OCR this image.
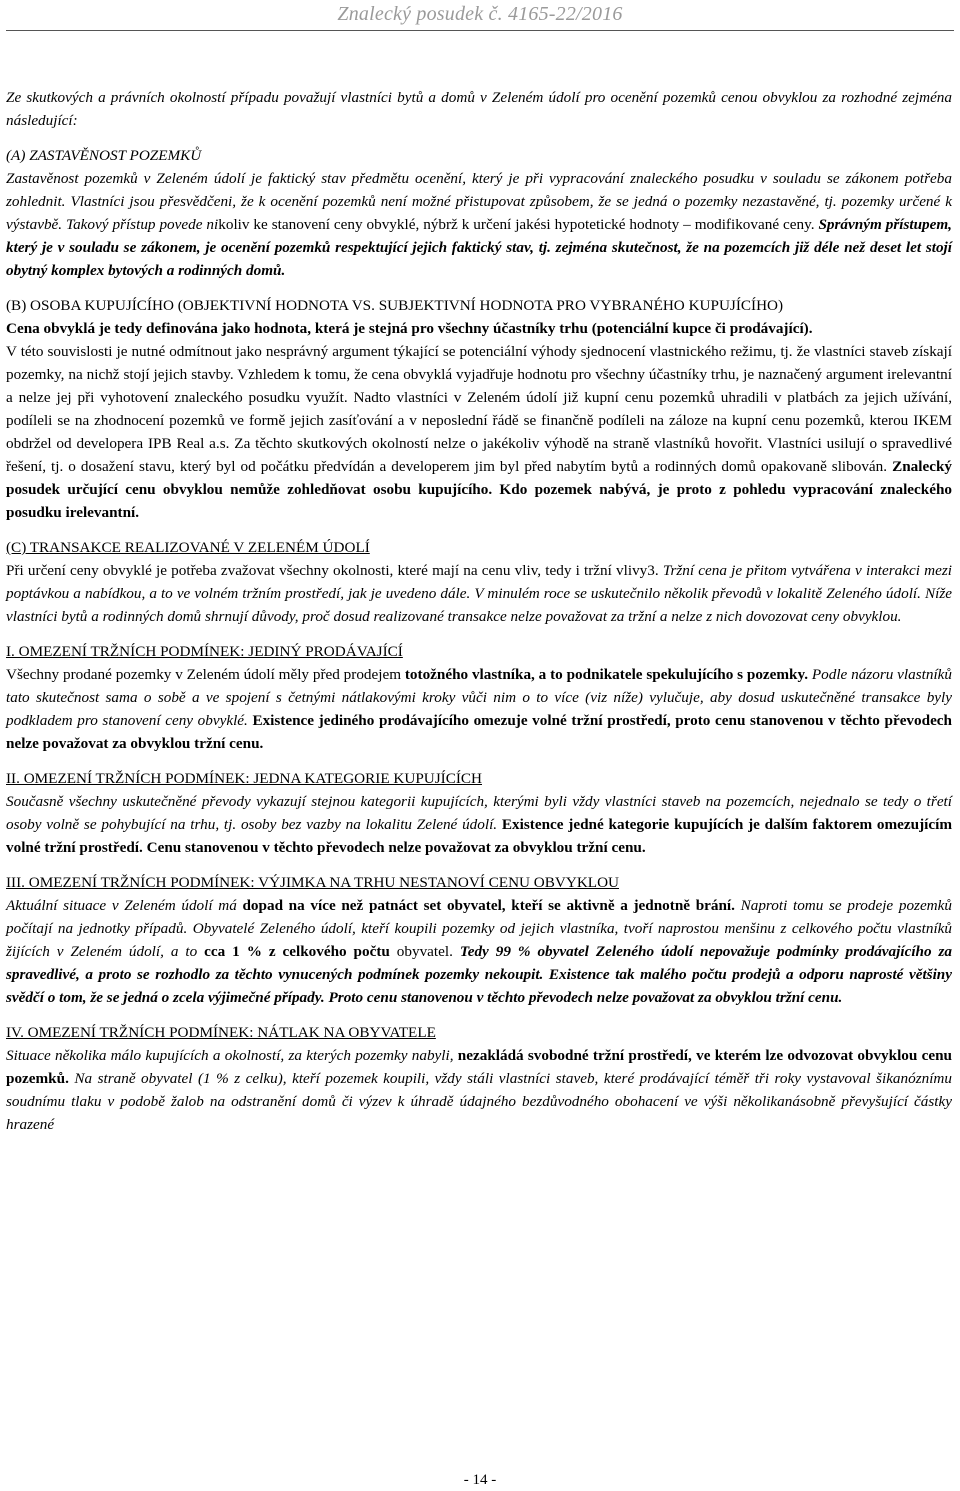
Znalecký posudek č. 4165-22/2016

Ze skutkových a právních okolností případu považují vlastníci bytů a domů v Zeleném údolí pro ocenění pozemků cenou obvyklou za rozhodné zejména následující:

(A) ZASTAVĚNOST POZEMKŮ

Zastavěnost pozemků v Zeleném údolí je faktický stav předmětu ocenění, který je při vypracování znaleckého posudku v souladu se zákonem potřeba zohlednit. Vlastníci jsou přesvědčeni, že k ocenění pozemků není možné přistupovat způsobem, že se jedná o pozemky nezastavěné, tj. pozemky určené k výstavbě. Takový přístup povede nikoliv ke stanovení ceny obvyklé, nýbrž k určení jakési hypotetické hodnoty – modifikované ceny. Správným přístupem, který je v souladu se zákonem, je ocenění pozemků respektující jejich faktický stav, tj. zejména skutečnost, že na pozemcích již déle než deset let stojí obytný komplex bytových a rodinných domů.

(B) OSOBA KUPUJÍCÍHO (OBJEKTIVNÍ HODNOTA VS. SUBJEKTIVNÍ HODNOTA PRO VYBRANÉHO KUPUJÍCÍHO)

Cena obvyklá je tedy definována jako hodnota, která je stejná pro všechny účastníky trhu (potenciální kupce či prodávající).

V této souvislosti je nutné odmítnout jako nesprávný argument týkající se potenciální výhody sjednocení vlastnického režimu, tj. že vlastníci staveb získají pozemky, na nichž stojí jejich stavby. Vzhledem k tomu, že cena obvyklá vyjadřuje hodnotu pro všechny účastníky trhu, je naznačený argument irelevantní a nelze jej při vyhotovení znaleckého posudku využít. Nadto vlastníci v Zeleném údolí již kupní cenu pozemků uhradili v platbách za jejich užívání, podíleli se na zhodnocení pozemků ve formě jejich zasíťování a v neposlední řádě se finančně podíleli na záloze na kupní cenu pozemků, kterou IKEM obdržel od developera IPB Real a.s. Za těchto skutkových okolností nelze o jakékoliv výhodě na straně vlastníků hovořit. Vlastníci usilují o spravedlivé řešení, tj. o dosažení stavu, který byl od počátku předvídán a developerem jim byl před nabytím bytů a rodinných domů opakovaně slibován. Znalecký posudek určující cenu obvyklou nemůže zohledňovat osobu kupujícího. Kdo pozemek nabývá, je proto z pohledu vypracování znaleckého posudku irelevantní.

(C) TRANSAKCE REALIZOVANÉ V ZELENÉM ÚDOLÍ

Při určení ceny obvyklé je potřeba zvažovat všechny okolnosti, které mají na cenu vliv, tedy i tržní vlivy3. Tržní cena je přitom vytvářena v interakci mezi poptávkou a nabídkou, a to ve volném tržním prostředí, jak je uvedeno dále. V minulém roce se uskutečnilo několik převodů v lokalitě Zeleného údolí. Níže vlastníci bytů a rodinných domů shrnují důvody, proč dosud realizované transakce nelze považovat za tržní a nelze z nich dovozovat ceny obvyklou.

I. OMEZENÍ TRŽNÍCH PODMÍNEK: JEDINÝ PRODÁVAJÍCÍ

Všechny prodané pozemky v Zeleném údolí měly před prodejem totožného vlastníka, a to podnikatele spekulujícího s pozemky. Podle názoru vlastníků tato skutečnost sama o sobě a ve spojení s četnými nátlakovými kroky vůči nim o to více (viz níže) vylučuje, aby dosud uskutečněné transakce byly podkladem pro stanovení ceny obvyklé. Existence jediného prodávajícího omezuje volné tržní prostředí, proto cenu stanovenou v těchto převodech nelze považovat za obvyklou tržní cenu.

II. OMEZENÍ TRŽNÍCH PODMÍNEK: JEDNA KATEGORIE KUPUJÍCÍCH

Současně všechny uskutečněné převody vykazují stejnou kategorii kupujících, kterými byli vždy vlastníci staveb na pozemcích, nejednalo se tedy o třetí osoby volně se pohybující na trhu, tj. osoby bez vazby na lokalitu Zelené údolí. Existence jedné kategorie kupujících je dalším faktorem omezujícím volné tržní prostředí. Cenu stanovenou v těchto převodech nelze považovat za obvyklou tržní cenu.

III. OMEZENÍ TRŽNÍCH PODMÍNEK: VÝJIMKA NA TRHU NESTANOVÍ CENU OBVYKLOU

Aktuální situace v Zeleném údolí má dopad na více než patnáct set obyvatel, kteří se aktivně a jednotně brání. Naproti tomu se prodeje pozemků počítají na jednotky případů. Obyvatelé Zeleného údolí, kteří koupili pozemky od jejich vlastníka, tvoří naprostou menšinu z celkového počtu vlastníků žijících v Zeleném údolí, a to cca 1 % z celkového počtu obyvatel. Tedy 99 % obyvatel Zeleného údolí nepovažuje podmínky prodávajícího za spravedlivé, a proto se rozhodlo za těchto vynucených podmínek pozemky nekoupit. Existence tak malého počtu prodejů a odporu naprosté většiny svědčí o tom, že se jedná o zcela výjimečné případy. Proto cenu stanovenou v těchto převodech nelze považovat za obvyklou tržní cenu.

IV. OMEZENÍ TRŽNÍCH PODMÍNEK: NÁTLAK NA OBYVATELE

Situace několika málo kupujících a okolností, za kterých pozemky nabyli, nezakládá svobodné tržní prostředí, ve kterém lze odvozovat obvyklou cenu pozemků. Na straně obyvatel (1 % z celku), kteří pozemek koupili, vždy stáli vlastníci staveb, které prodávající téměř tři roky vystavoval šikanóznímu soudnímu tlaku v podobě žalob na odstranění domů či výzev k úhradě údajného bezdůvodného obohacení ve výši několikanásobně převyšující částky hrazené

- 14 -
